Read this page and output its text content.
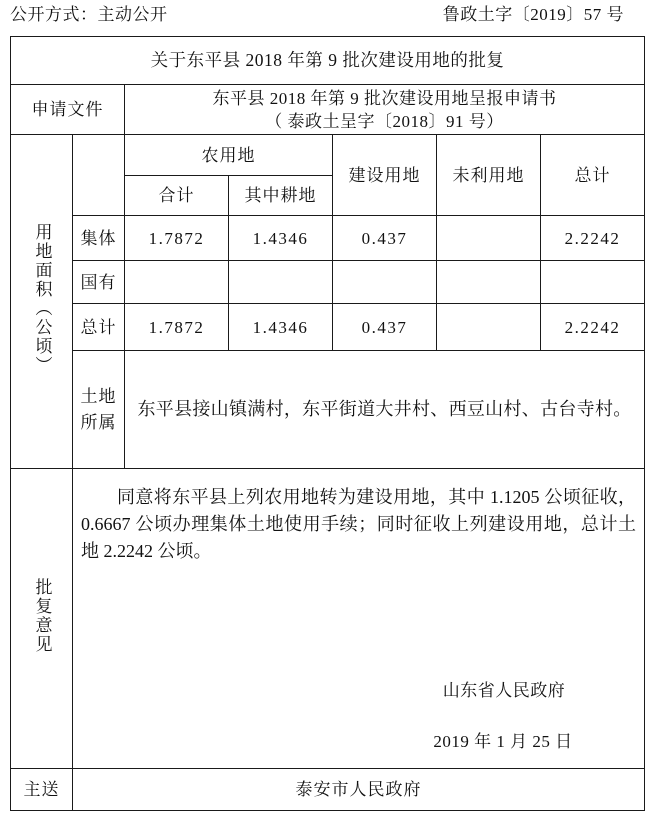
公开方式：主动公开	鲁政土字〔2019〕57 号
关于东平县 2018 年第 9 批次建设用地的批复						
申请文件		东平县 2018 年第 9 批次建设用地呈报申请书
（ 泰政土呈字〔2018〕91 号）				

用地面积（公顷）		农用地		建设用地	未利用地	总计
		合计	其中耕地			
	集体	1.7872	1.4346	0.437		2.2242
	国有					
	总计	1.7872	1.4346	0.437		2.2242
	土地所属	东平县接山镇满村，东平街道大井村、西豆山村、古台寺村。				
批复意见	同意将东平县上列农用地转为建设用地，其中 1.1205 公顷征收，0.6667 公顷办理集体土地使用手续；同时征收上列建设用地，总计土地 2.2242 公顷。

山东省人民政府
2019 年 1 月 25 日					

主送	泰安市人民政府					
